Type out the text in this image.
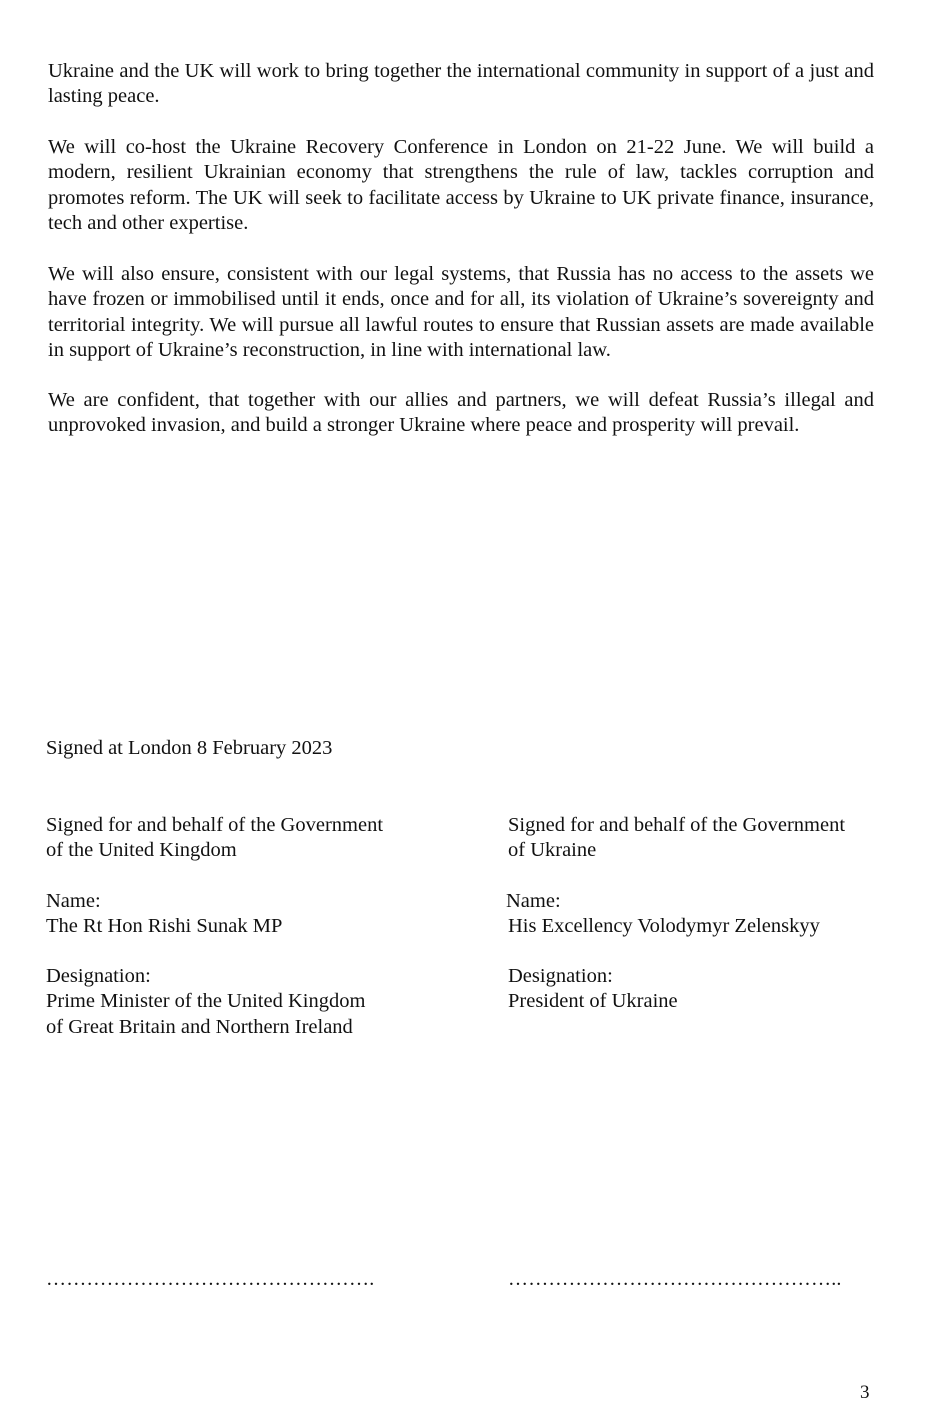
Ukraine and the UK will work to bring together the international community in support of a just and lasting peace.

We will co-host the Ukraine Recovery Conference in London on 21-22 June. We will build a modern, resilient Ukrainian economy that strengthens the rule of law, tackles corruption and promotes reform. The UK will seek to facilitate access by Ukraine to UK private finance, insurance, tech and other expertise.

We will also ensure, consistent with our legal systems, that Russia has no access to the assets we have frozen or immobilised until it ends, once and for all, its violation of Ukraine’s sovereignty and territorial integrity. We will pursue all lawful routes to ensure that Russian assets are made available in support of Ukraine’s reconstruction, in line with international law.

We are confident, that together with our allies and partners, we will defeat Russia’s illegal and unprovoked invasion, and build a stronger Ukraine where peace and prosperity will prevail.

Signed at London 8 February 2023

Signed for and behalf of the Government
of the United Kingdom
Name:
The Rt Hon Rishi Sunak MP
Designation:
Prime Minister of the United Kingdom
of Great Britain and Northern Ireland
………………………………………….
Signed for and behalf of the Government
of Ukraine
Name:
His Excellency Volodymyr Zelenskyy
Designation:
President of Ukraine
…………………………………………..
3
